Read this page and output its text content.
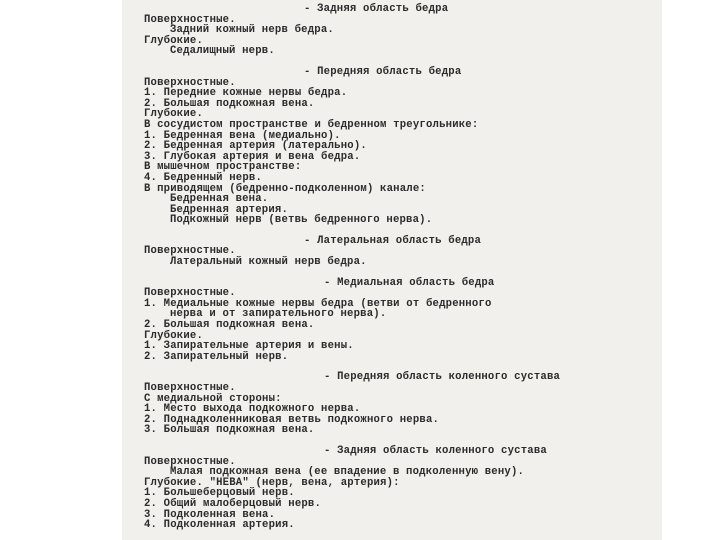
- Задняя область бедра
Поверхностные.
Задний кожный нерв бедра.
Глубокие.
Седалищный нерв.
- Передняя область бедра
Поверхностные.
1. Передние кожные нервы бедра.
2. Большая подкожная вена.
Глубокие.
В сосудистом пространстве и бедренном треугольнике:
1. Бедренная вена (медиально).
2. Бедренная артерия (латерально).
3. Глубокая артерия и вена бедра.
В мышечном пространстве:
4. Бедренный нерв.
В приводящем (бедренно-подколенном) канале:
Бедренная вена.
Бедренная артерия.
Подкожный нерв (ветвь бедренного нерва).
- Латеральная область бедра
Поверхностные.
Латеральный кожный нерв бедра.
- Медиальная область бедра
Поверхностные.
1. Медиальные кожные нервы бедра (ветви от бедренного
нерва и от запирательного нерва).
2. Большая подкожная вена.
Глубокие.
1. Запирательные артерия и вены.
2. Запирательный нерв.
- Передняя область коленного сустава
Поверхностные.
С медиальной стороны:
1. Место выхода подкожного нерва.
2. Поднадколенниковая ветвь подкожного нерва.
3. Большая подкожная вена.
- Задняя область коленного сустава
Поверхностные.
Малая подкожная вена (ее впадение в подколенную вену).
Глубокие. "НЕВА" (нерв, вена, артерия):
1. Большеберцовый нерв.
2. Общий малоберцовый нерв.
3. Подколенная вена.
4. Подколенная артерия.
